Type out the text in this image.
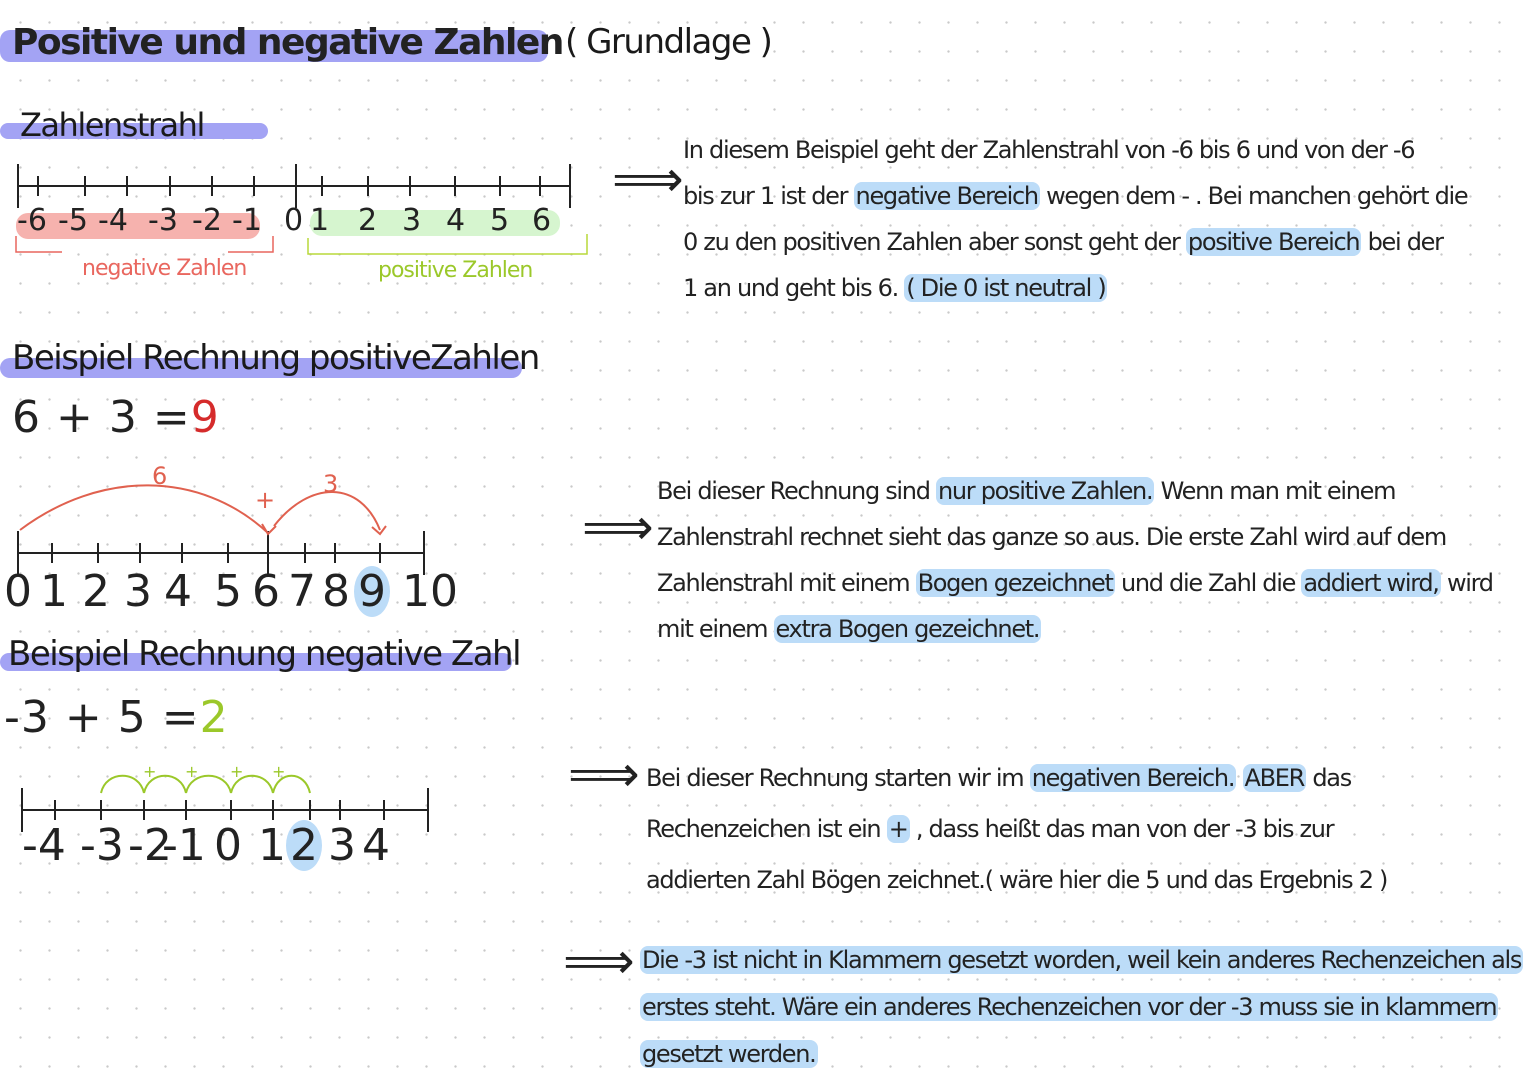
Positive und negative Zahlen ( Grundlage )
Zahlenstrahl
-6 -5 -4 -3 -2 -1 0 1 2 3 4 5 6
negative Zahlen	positive Zahlen
⟹ In diesem Beispiel geht der Zahlenstrahl von -6 bis 6 und von der -6
bis zur 1 ist der negative Bereich wegen dem - . Bei manchen gehört die
0 zu den positiven Zahlen aber sonst geht der positive Bereich bei der
1 an und geht bis 6. ( Die 0 ist neutral )
Beispiel Rechnung positiveZahlen
6 + 3 =9
0 1 2 3 4 5 6 7 8 9 10
6
+
3
⟹
Bei dieser Rechnung sind nur positive Zahlen. Wenn man mit einem
Zahlenstrahl rechnet sieht das ganze so aus. Die erste Zahl wird auf dem
Zahlenstrahl mit einem Bogen gezeichnet und die Zahl die addiert wird, wird
mit einem extra Bogen gezeichnet.
Beispiel Rechnung negative Zahl
-3 + 5 =2
-4 -3 -2
-1 0 1 2 3 4
+ + + +	⟹ Bei dieser Rechnung starten wir im negativen Bereich. ABER das
Rechenzeichen ist ein + , dass heißt das man von der -3 bis zur
addierten Zahl Bögen zeichnet.( wäre hier die 5 und das Ergebnis 2 )
⟹ Die -3 ist nicht in Klammern gesetzt worden, weil kein anderes Rechenzeichen als
erstes steht. Wäre ein anderes Rechenzeichen vor der -3 muss sie in klammern
gesetzt werden.
